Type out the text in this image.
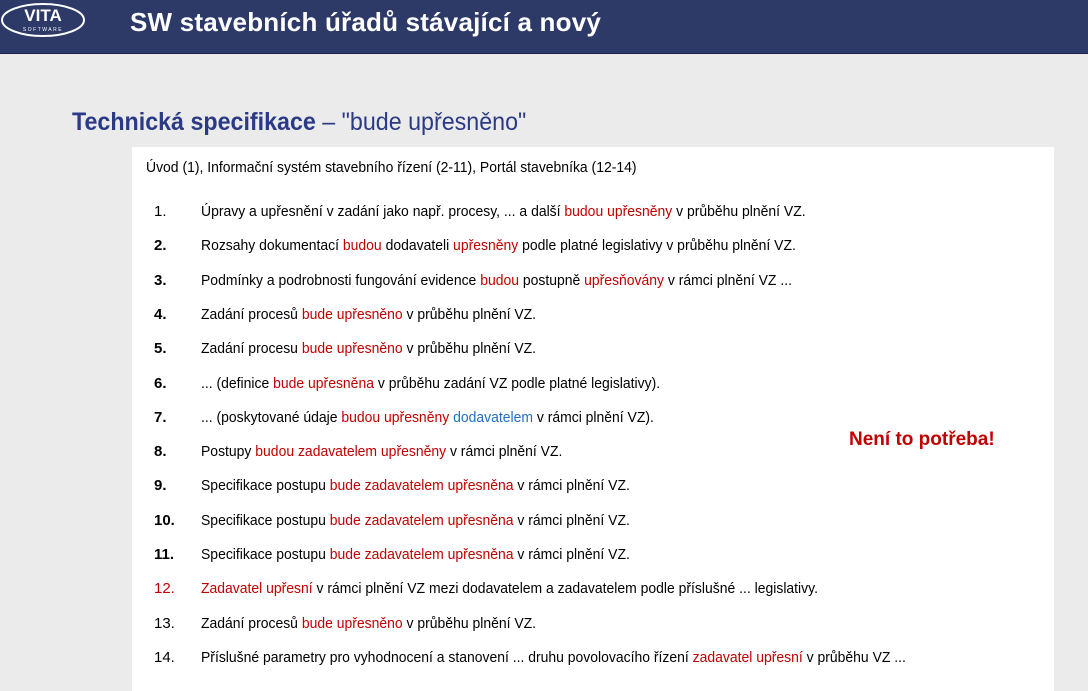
VITA
SOFTWARE	SW stavebních úřadů stávající a nový
Technická specifikace – "bude upřesněno"
Úvod (1), Informační systém stavebního řízení (2-11), Portál stavebníka (12-14)
1.	Úpravy a upřesnění v zadání jako např. procesy, ... a další budou upřesněny v průběhu plnění VZ.
2.	Rozsahy dokumentací budou dodavateli upřesněny podle platné legislativy v průběhu plnění VZ.
3.	Podmínky a podrobnosti fungování evidence budou postupně upřesňovány v rámci plnění VZ ...
4.	Zadání procesů bude upřesněno v průběhu plnění VZ.
5.	Zadání procesu bude upřesněno v průběhu plnění VZ.
6.	... (definice bude upřesněna v průběhu zadání VZ podle platné legislativy).
7.	... (poskytované údaje budou upřesněny dodavatelem v rámci plnění VZ).
8.	Postupy budou zadavatelem upřesněny v rámci plnění VZ.
9.	Specifikace postupu bude zadavatelem upřesněna v rámci plnění VZ.
10.	Specifikace postupu bude zadavatelem upřesněna v rámci plnění VZ.
11.	Specifikace postupu bude zadavatelem upřesněna v rámci plnění VZ.
12.	Zadavatel upřesní v rámci plnění VZ mezi dodavatelem a zadavatelem podle příslušné ... legislativy.
13.	Zadání procesů bude upřesněno v průběhu plnění VZ.
14.	Příslušné parametry pro vyhodnocení a stanovení ... druhu povolovacího řízení zadavatel upřesní v průběhu VZ ...
Není to potřeba!
